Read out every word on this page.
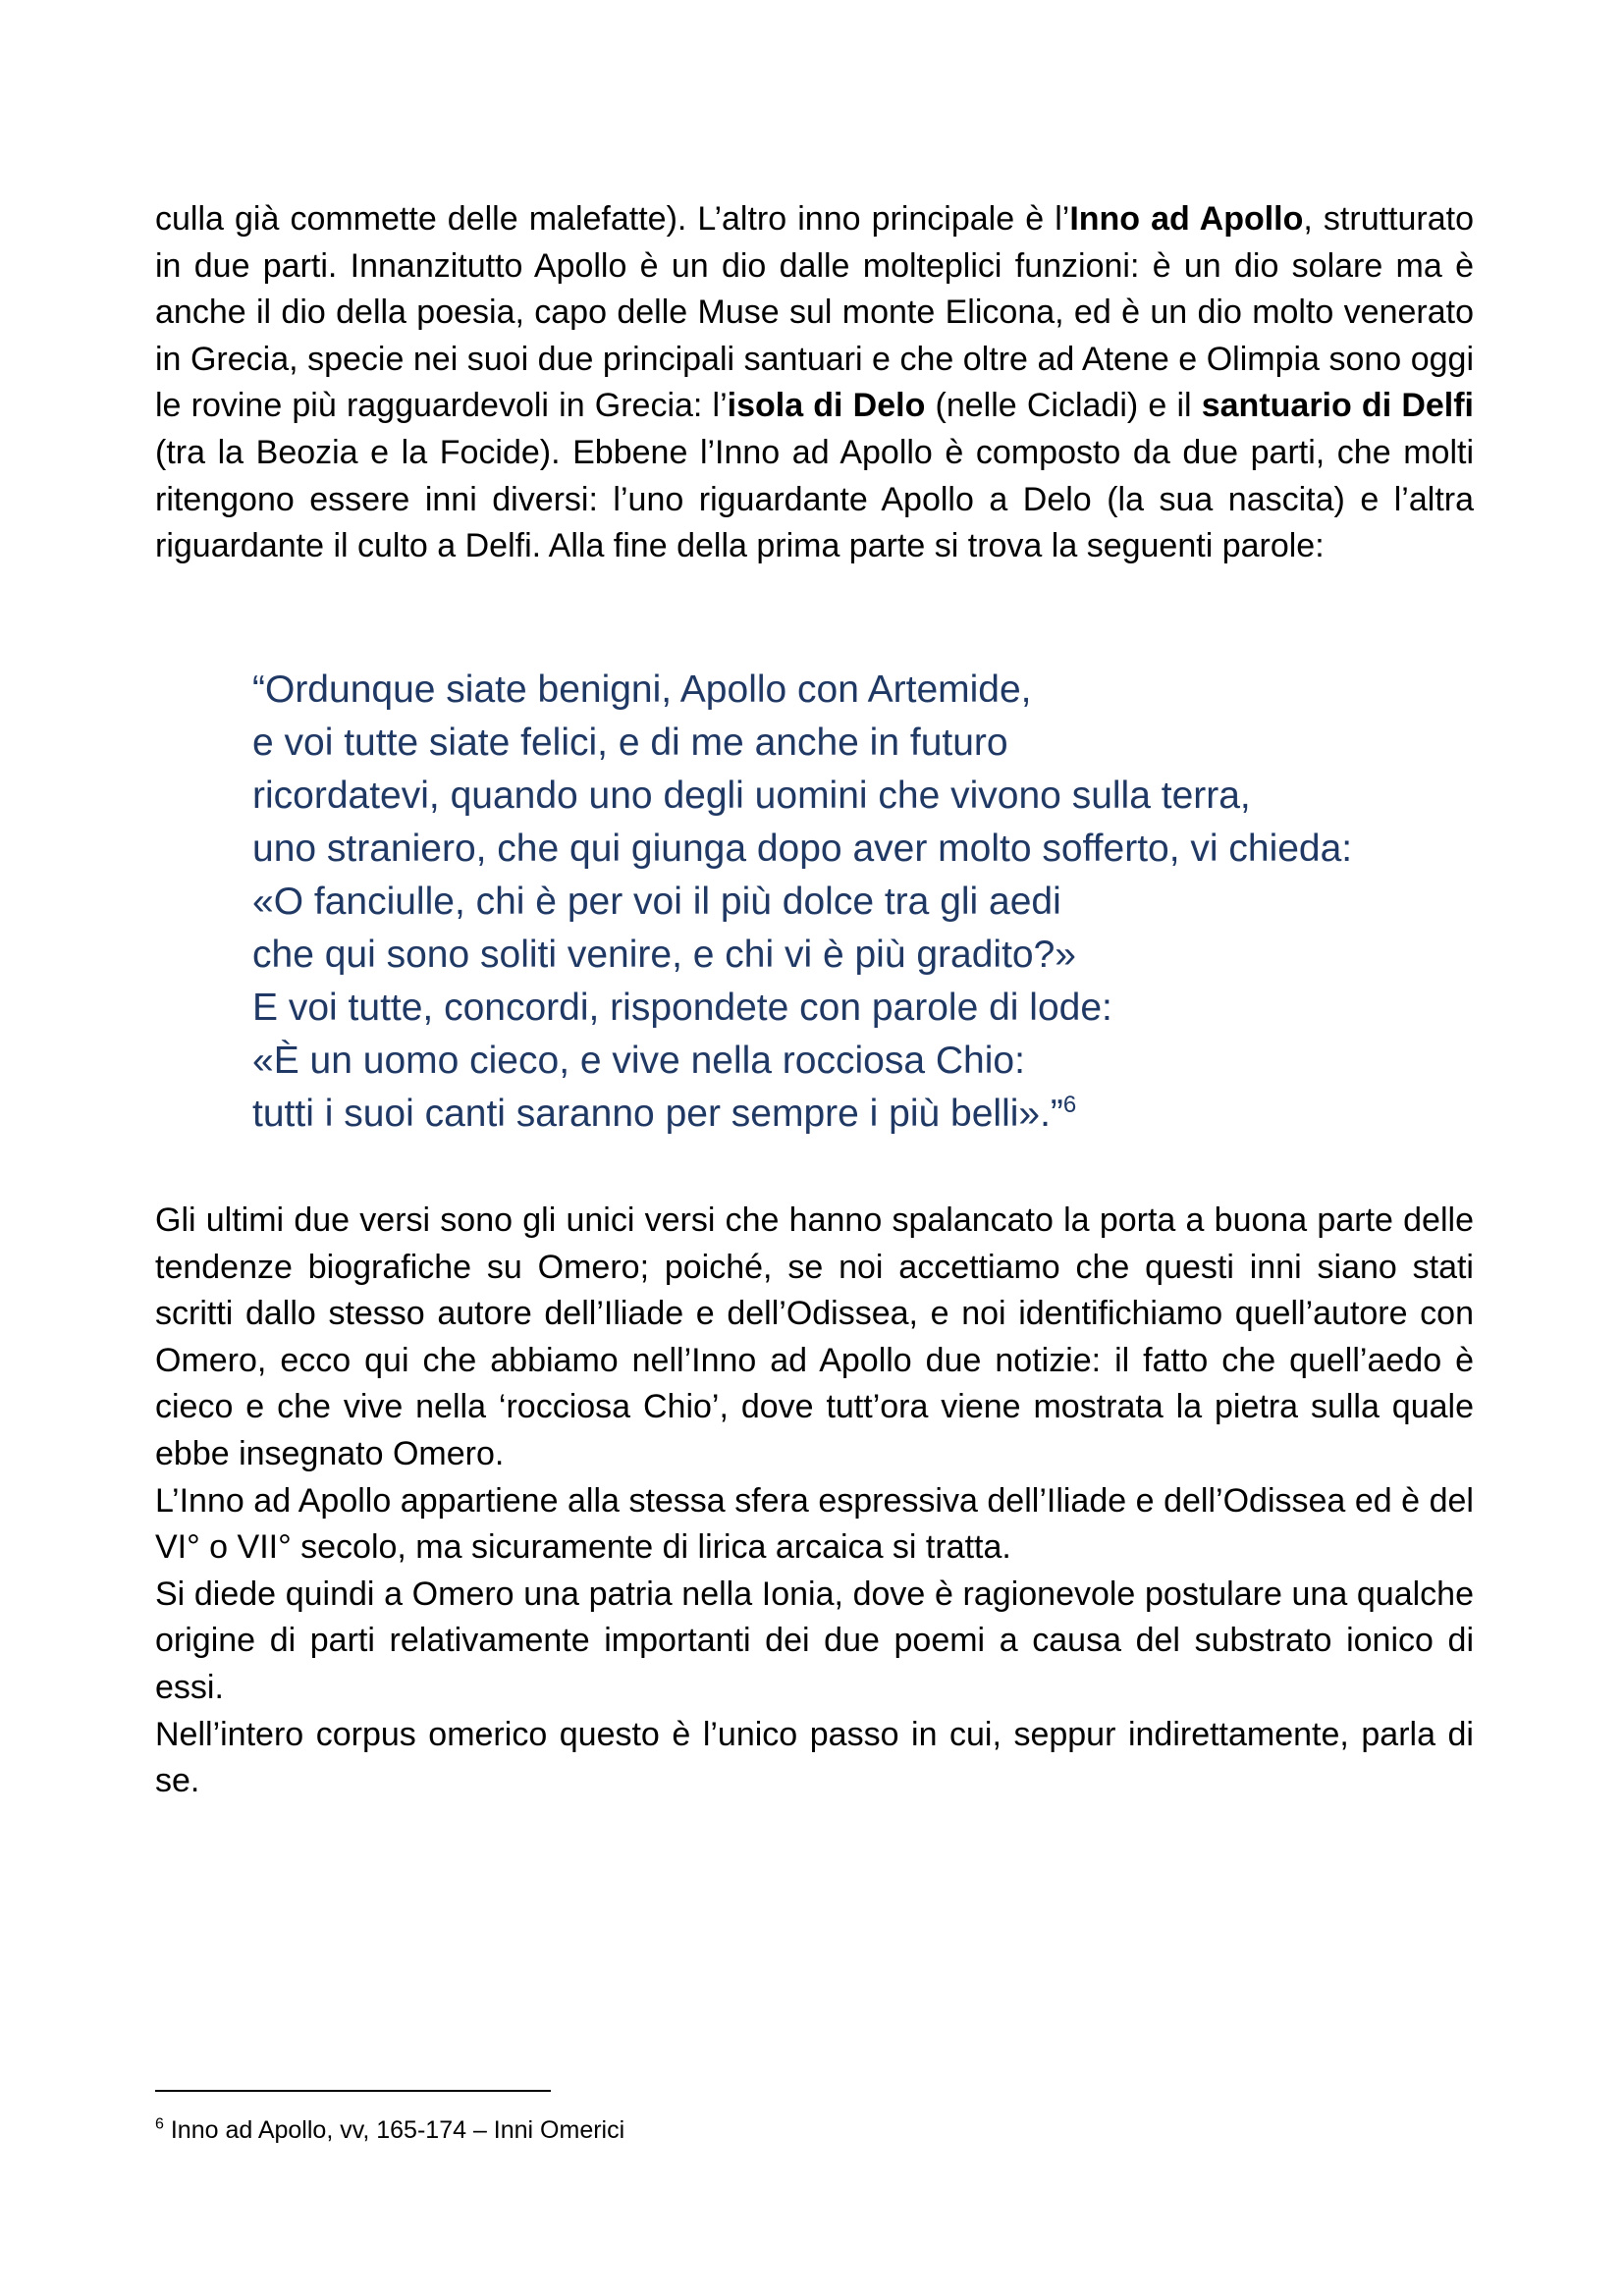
culla già commette delle malefatte). L’altro inno principale è l’Inno ad Apollo, strutturato in due parti. Innanzitutto Apollo è un dio dalle molteplici funzioni: è un dio solare ma è anche il dio della poesia, capo delle Muse sul monte Elicona, ed è un dio molto venerato in Grecia, specie nei suoi due principali santuari e che oltre ad Atene e Olimpia sono oggi le rovine più ragguardevoli in Grecia: l’isola di Delo (nelle Cicladi) e il santuario di Delfi (tra la Beozia e la Focide). Ebbene l’Inno ad Apollo è composto da due parti, che molti ritengono essere inni diversi: l’uno riguardante Apollo a Delo (la sua nascita) e l’altra riguardante il culto a Delfi. Alla fine della prima parte si trova la seguenti parole:

“Ordunque siate benigni, Apollo con Artemide,
e voi tutte siate felici, e di me anche in futuro
ricordatevi, quando uno degli uomini che vivono sulla terra,
uno straniero, che qui giunga dopo aver molto sofferto, vi chieda:
«O fanciulle, chi è per voi il più dolce tra gli aedi
che qui sono soliti venire, e chi vi è più gradito?»
E voi tutte, concordi, rispondete con parole di lode:
«È un uomo cieco, e vive nella rocciosa Chio:
tutti i suoi canti saranno per sempre i più belli».”$^6$

Gli ultimi due versi sono gli unici versi che hanno spalancato la porta a buona parte delle tendenze biografiche su Omero; poiché, se noi accettiamo che questi inni siano stati scritti dallo stesso autore dell’Iliade e dell’Odissea, e noi identifichiamo quell’autore con Omero, ecco qui che abbiamo nell’Inno ad Apollo due notizie: il fatto che quell’aedo è cieco e che vive nella ‘rocciosa Chio’, dove tutt’ora viene mostrata la pietra sulla quale ebbe insegnato Omero.

L’Inno ad Apollo appartiene alla stessa sfera espressiva dell’Iliade e dell’Odissea ed è del VI° o VII° secolo, ma sicuramente di lirica arcaica si tratta.

Si diede quindi a Omero una patria nella Ionia, dove è ragionevole postulare una qualche origine di parti relativamente importanti dei due poemi a causa del substrato ionico di essi.

Nell’intero corpus omerico questo è l’unico passo in cui, seppur indirettamente, parla di se.

$^6$ Inno ad Apollo, vv, 165-174 – Inni Omerici
